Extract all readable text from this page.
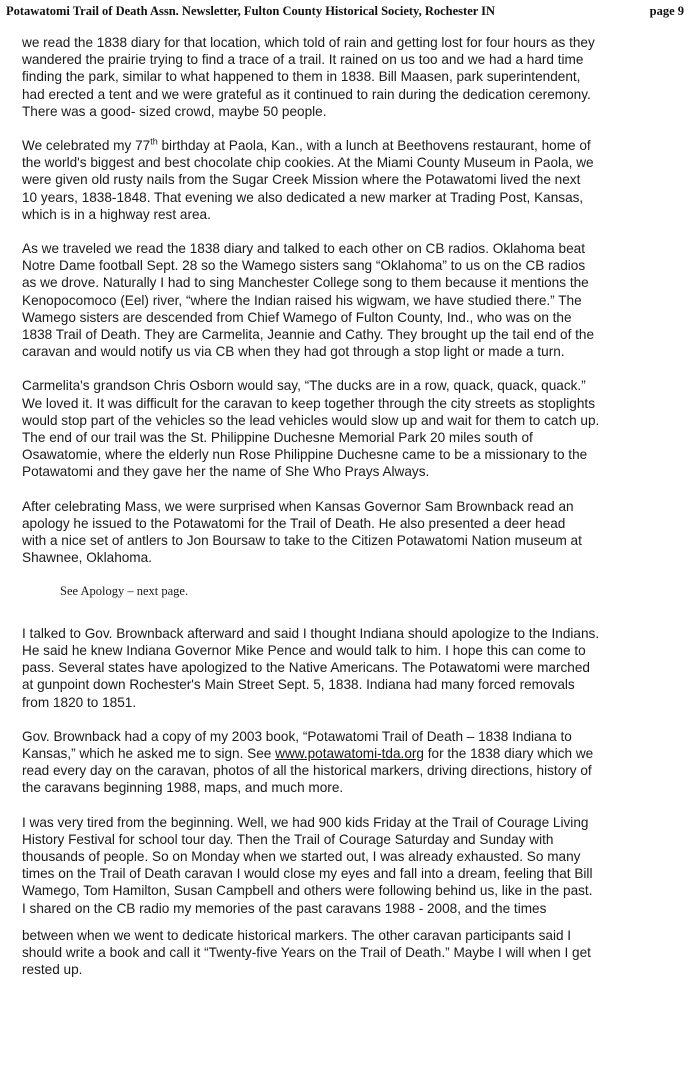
Potawatomi Trail of Death Assn. Newsletter, Fulton County Historical Society, Rochester IN	page 9
we read the 1838 diary for that location, which told of rain and getting lost for four hours as they
wandered the prairie trying to find a trace of a trail. It rained on us too and we had a hard time
finding the park, similar to what happened to them in 1838. Bill Maasen, park superintendent,
had erected a tent and we were grateful as it continued to rain during the dedication ceremony.
There was a good- sized crowd, maybe 50 people.
We celebrated my 77th birthday at Paola, Kan., with a lunch at Beethovens restaurant, home of
the world's biggest and best chocolate chip cookies. At the Miami County Museum in Paola, we
were given old rusty nails from the Sugar Creek Mission where the Potawatomi lived the next
10 years, 1838-1848. That evening we also dedicated a new marker at Trading Post, Kansas,
which is in a highway rest area.
As we traveled we read the 1838 diary and talked to each other on CB radios. Oklahoma beat
Notre Dame football Sept. 28 so the Wamego sisters sang “Oklahoma” to us on the CB radios
as we drove. Naturally I had to sing Manchester College song to them because it mentions the
Kenopocomoco (Eel) river, “where the Indian raised his wigwam, we have studied there.” The
Wamego sisters are descended from Chief Wamego of Fulton County, Ind., who was on the
1838 Trail of Death. They are Carmelita, Jeannie and Cathy. They brought up the tail end of the
caravan and would notify us via CB when they had got through a stop light or made a turn.
Carmelita's grandson Chris Osborn would say, “The ducks are in a row, quack, quack, quack.”
We loved it. It was difficult for the caravan to keep together through the city streets as stoplights
would stop part of the vehicles so the lead vehicles would slow up and wait for them to catch up.
The end of our trail was the St. Philippine Duchesne Memorial Park 20 miles south of
Osawatomie, where the elderly nun Rose Philippine Duchesne came to be a missionary to the
Potawatomi and they gave her the name of She Who Prays Always.
After celebrating Mass, we were surprised when Kansas Governor Sam Brownback read an
apology he issued to the Potawatomi for the Trail of Death. He also presented a deer head
with a nice set of antlers to Jon Boursaw to take to the Citizen Potawatomi Nation museum at
Shawnee, Oklahoma.
See Apology – next page.
I talked to Gov. Brownback afterward and said I thought Indiana should apologize to the Indians.
He said he knew Indiana Governor Mike Pence and would talk to him. I hope this can come to
pass. Several states have apologized to the Native Americans. The Potawatomi were marched
at gunpoint down Rochester's Main Street Sept. 5, 1838. Indiana had many forced removals
from 1820 to 1851.
Gov. Brownback had a copy of my 2003 book, “Potawatomi Trail of Death – 1838 Indiana to
Kansas,” which he asked me to sign. See www.potawatomi-tda.org for the 1838 diary which we
read every day on the caravan, photos of all the historical markers, driving directions, history of
the caravans beginning 1988, maps, and much more.
I was very tired from the beginning. Well, we had 900 kids Friday at the Trail of Courage Living
History Festival for school tour day. Then the Trail of Courage Saturday and Sunday with
thousands of people. So on Monday when we started out, I was already exhausted. So many
times on the Trail of Death caravan I would close my eyes and fall into a dream, feeling that Bill
Wamego, Tom Hamilton, Susan Campbell and others were following behind us, like in the past.
I shared on the CB radio my memories of the past caravans 1988 - 2008, and the times
between when we went to dedicate historical markers. The other caravan participants said I
should write a book and call it “Twenty-five Years on the Trail of Death.” Maybe I will when I get
rested up.
